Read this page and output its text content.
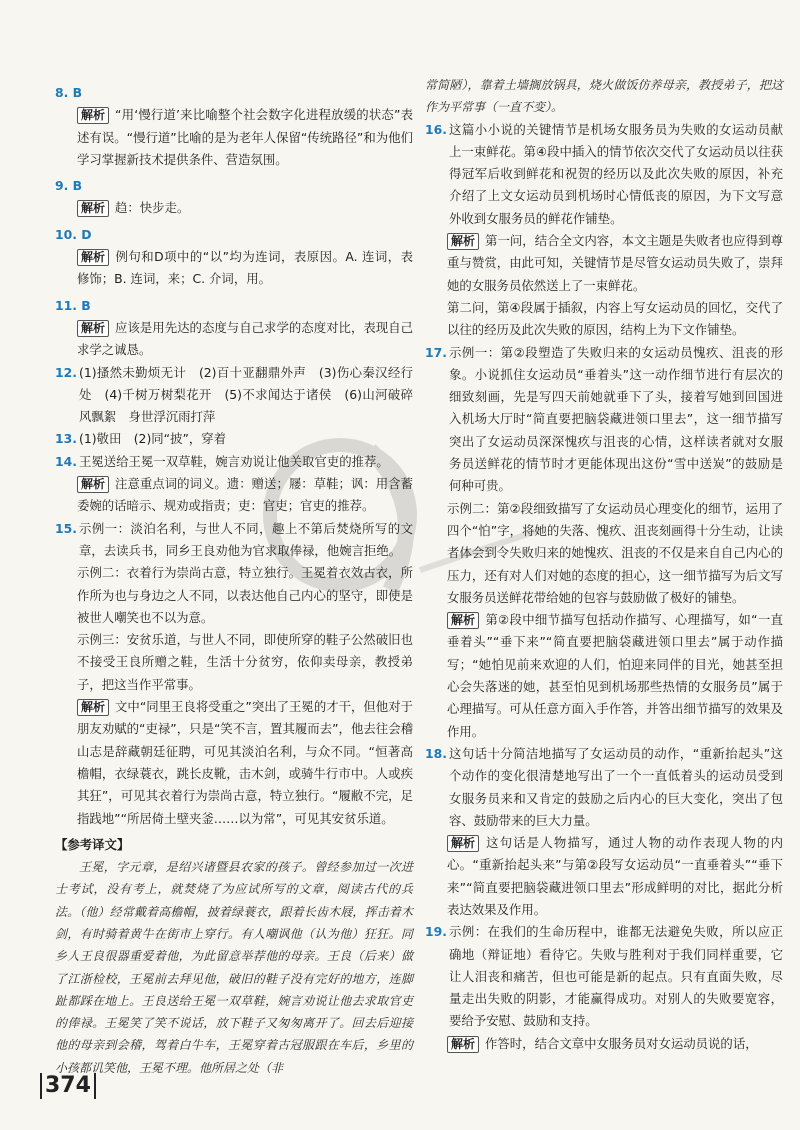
8. B

解析 “用‘慢行道’来比喻整个社会数字化进程放缓的状态”表述有误。“慢行道”比喻的是为老年人保留“传统路径”和为他们学习掌握新技术提供条件、营造氛围。

9. B

解析 趋：快步走。

10. D

解析 例句和D项中的“以”均为连词，表原因。A. 连词，表修饰；B. 连词，来；C. 介词，用。

11. B

解析 应该是用先达的态度与自己求学的态度对比，表现自己求学之诚恳。

12. (1)搔然未勤烦无计　(2)百十亚翻鼎外声　(3)伤心秦汉经行处　(4)千树万树梨花开　(5)不求闻达于诸侯　(6)山河破碎风飘絮　身世浮沉雨打萍
13. (1)敬田　(2)同“披”，穿着
14. 王冕送给王冕一双草鞋，婉言劝说让他关取官吏的推荐。

解析 注意重点词的词义。遗：赠送；屦：草鞋；讽：用含蓄委婉的话暗示、规劝或指责；吏：官吏；官吏的推荐。

15. 示例一：淡泊名利，与世人不同，趣上不第后焚烧所写的文章，去读兵书，同乡王良劝他为官求取俸禄，他婉言拒绝。

示例二：衣着行为崇尚古意，特立独行。王冕着衣效古衣，所作所为也与身边之人不同，以表达他自己内心的坚守，即使是被世人嘲笑也不以为意。

示例三：安贫乐道，与世人不同，即使所穿的鞋子公然破旧也不接受王良所赠之鞋，生活十分贫穷，依仰卖母亲，教授弟子，把这当作平常事。

解析 文中“同里王良将受重之”突出了王冕的才干，但他对于朋友劝赋的“吏禄”，只是“笑不言，置其履而去”，他去往会稽山志是辞藏朝廷征聘，可见其淡泊名利，与众不同。“恒著高檐帽，衣绿蓑衣，跳长皮靴，击木剑，或骑牛行市中。人或疾其狂”，可见其衣着行为崇尚古意，特立独行。“履敝不完，足指践地”“所居倚土壁夹釜……以为常”，可见其安贫乐道。

【参考译文】

王冕，字元章，是绍兴诸暨县农家的孩子。曾经参加过一次进士考试，没有考上，就焚烧了为应试所写的文章，阅读古代的兵法。（他）经常戴着高檐帽，披着绿蓑衣，跟着长齿木屐，挥击着木剑，有时骑着黄牛在街市上穿行。有人嘲讽他（认为他）狂狂。同乡人王良很器重爱着他，为此留意举荐他的母亲。王良（后来）做了江浙检校，王冕前去拜见他，破旧的鞋子没有完好的地方，连脚趾都踩在地上。王良送给王冕一双草鞋，婉言劝说让他去求取官吏的俸禄。王冕笑了笑不说话，放下鞋子又匆匆离开了。回去后迎接他的母亲到会稽，驾着白牛车，王冕穿着古冠服跟在车后，乡里的小孩都讥笑他，王冕不理。他所居之处（非

常简陋），靠着土墙搁放锅具，烧火做饭仿养母亲，教授弟子，把这作为平常事（一直不变）。

16. 这篇小小说的关键情节是机场女服务员为失败的女运动员献上一束鲜花。第④段中插入的情节依次交代了女运动员以往获得冠军后收到鲜花和祝贺的经历以及此次失败的原因，补充介绍了上文女运动员到机场时心情低丧的原因，为下文写意外收到女服务员的鲜花作铺垫。

解析 第一问，结合全文内容，本文主题是失败者也应得到尊重与赞赏，由此可知，关键情节是尽管女运动员失败了，崇拜她的女服务员依然送上了一束鲜花。

第二问，第④段属于插叙，内容上写女运动员的回忆，交代了以往的经历及此次失败的原因，结构上为下文作铺垫。

17. 示例一：第②段塑造了失败归来的女运动员愧疚、沮丧的形象。小说抓住女运动员“垂着头”这一动作细节进行有层次的细致刻画，先是写四天前她就垂下了头，接着写她到回国进入机场大厅时“简直要把脑袋藏进领口里去”，这一细节描写突出了女运动员深深愧疚与沮丧的心情，这样读者就对女服务员送鲜花的情节时才更能体现出这份“雪中送炭”的鼓励是何种可贵。

示例二：第②段细致描写了女运动员心理变化的细节，运用了四个“怕”字，将她的失落、愧疚、沮丧刻画得十分生动，让读者体会到令失败归来的她愧疚、沮丧的不仅是来自自己内心的压力，还有对人们对她的态度的担心，这一细节描写为后文写女服务员送鲜花带给她的包容与鼓励做了极好的铺垫。

解析 第②段中细节描写包括动作描写、心理描写，如“一直垂着头”“垂下来”“简直要把脑袋藏进领口里去”属于动作描写；“她怕见前来欢迎的人们，怕迎来同伴的目光，她甚至担心会失落迷的她，甚至怕见到机场那些热情的女服务员”属于心理描写。可从任意方面入手作答，并答出细节描写的效果及作用。

18. 这句话十分简洁地描写了女运动员的动作，“重新抬起头”这个动作的变化很清楚地写出了一个一直低着头的运动员受到女服务员来和又肯定的鼓励之后内心的巨大变化，突出了包容、鼓励带来的巨大力量。

解析 这句话是人物描写，通过人物的动作表现人物的内心。“重新抬起头来”与第②段写女运动员“一直垂着头”“垂下来”“简直要把脑袋藏进领口里去”形成鲜明的对比，据此分析表达效果及作用。

19. 示例：在我们的生命历程中，谁都无法避免失败，所以应正确地（辩证地）看待它。失败与胜利对于我们同样重要，它让人泪丧和痛苦，但也可能是新的起点。只有直面失败，尽量走出失败的阴影，才能赢得成功。对别人的失败要宽容，要给予安慰、鼓励和支持。

解析 作答时，结合文章中女服务员对女运动员说的话，

374
